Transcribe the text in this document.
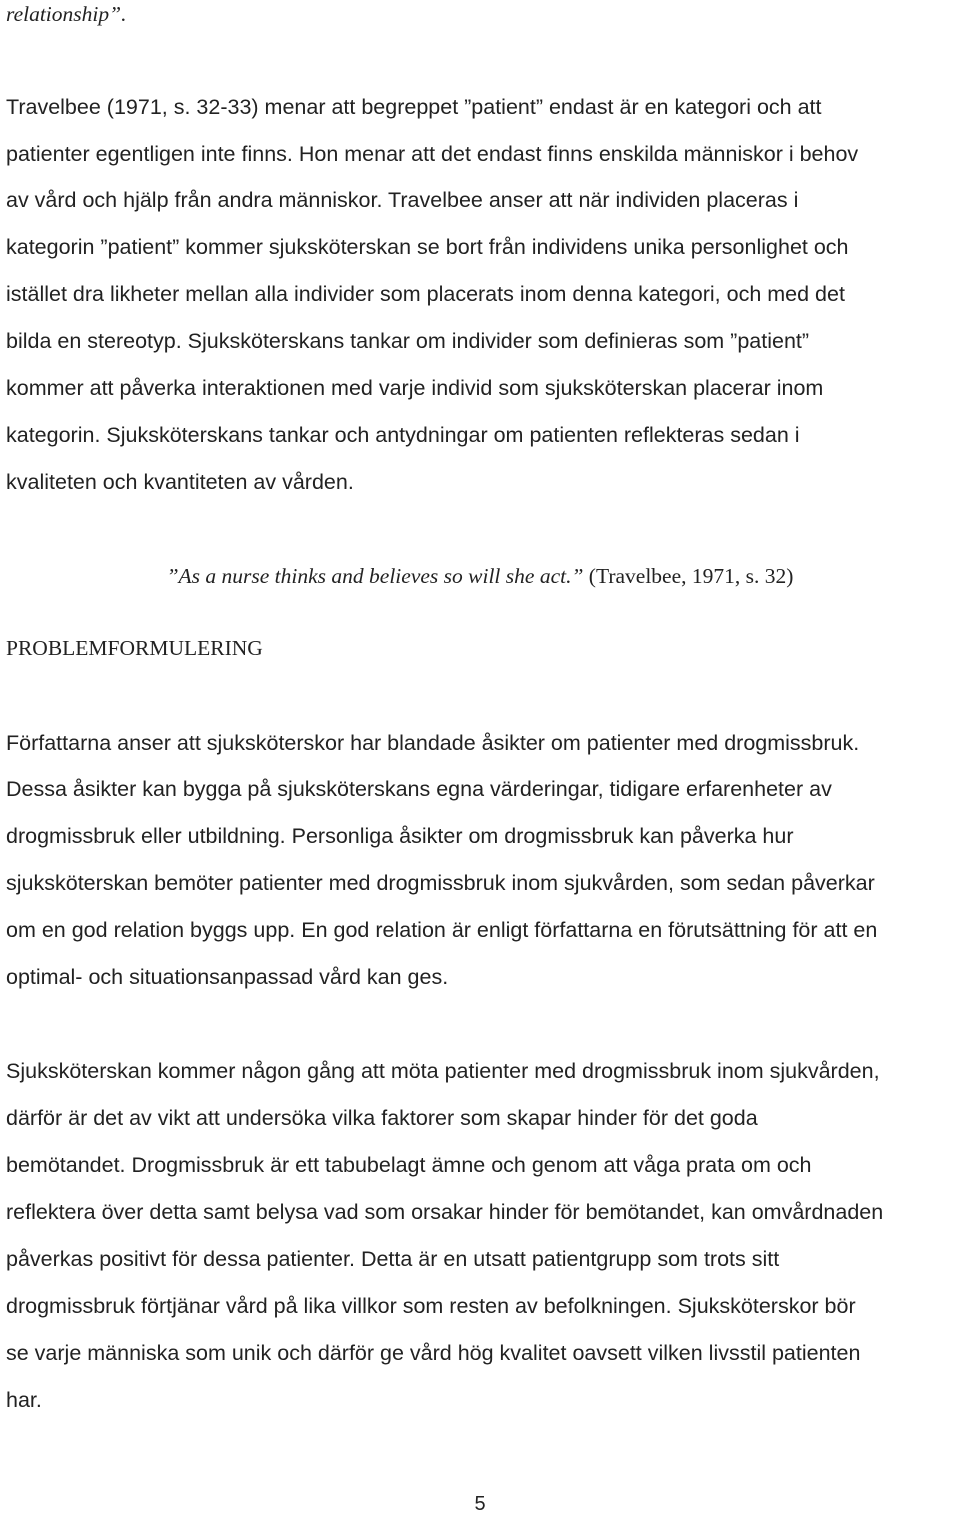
relationship”.
Travelbee (1971, s. 32-33) menar att begreppet ”patient” endast är en kategori och att
patienter egentligen inte finns. Hon menar att det endast finns enskilda människor i behov
av vård och hjälp från andra människor. Travelbee anser att när individen placeras i
kategorin ”patient” kommer sjuksköterskan se bort från individens unika personlighet och
istället dra likheter mellan alla individer som placerats inom denna kategori, och med det
bilda en stereotyp. Sjuksköterskans tankar om individer som definieras som ”patient”
kommer att påverka interaktionen med varje individ som sjuksköterskan placerar inom
kategorin. Sjuksköterskans tankar och antydningar om patienten reflekteras sedan i
kvaliteten och kvantiteten av vården.
”As a nurse thinks and believes so will she act.” (Travelbee, 1971, s. 32)
PROBLEMFORMULERING
Författarna anser att sjuksköterskor har blandade åsikter om patienter med drogmissbruk.
Dessa åsikter kan bygga på sjuksköterskans egna värderingar, tidigare erfarenheter av
drogmissbruk eller utbildning. Personliga åsikter om drogmissbruk kan påverka hur
sjuksköterskan bemöter patienter med drogmissbruk inom sjukvården, som sedan påverkar
om en god relation byggs upp. En god relation är enligt författarna en förutsättning för att en
optimal- och situationsanpassad vård kan ges.
Sjuksköterskan kommer någon gång att möta patienter med drogmissbruk inom sjukvården,
därför är det av vikt att undersöka vilka faktorer som skapar hinder för det goda
bemötandet. Drogmissbruk är ett tabubelagt ämne och genom att våga prata om och
reflektera över detta samt belysa vad som orsakar hinder för bemötandet, kan omvårdnaden
påverkas positivt för dessa patienter. Detta är en utsatt patientgrupp som trots sitt
drogmissbruk förtjänar vård på lika villkor som resten av befolkningen. Sjuksköterskor bör
se varje människa som unik och därför ge vård hög kvalitet oavsett vilken livsstil patienten
har.
5
